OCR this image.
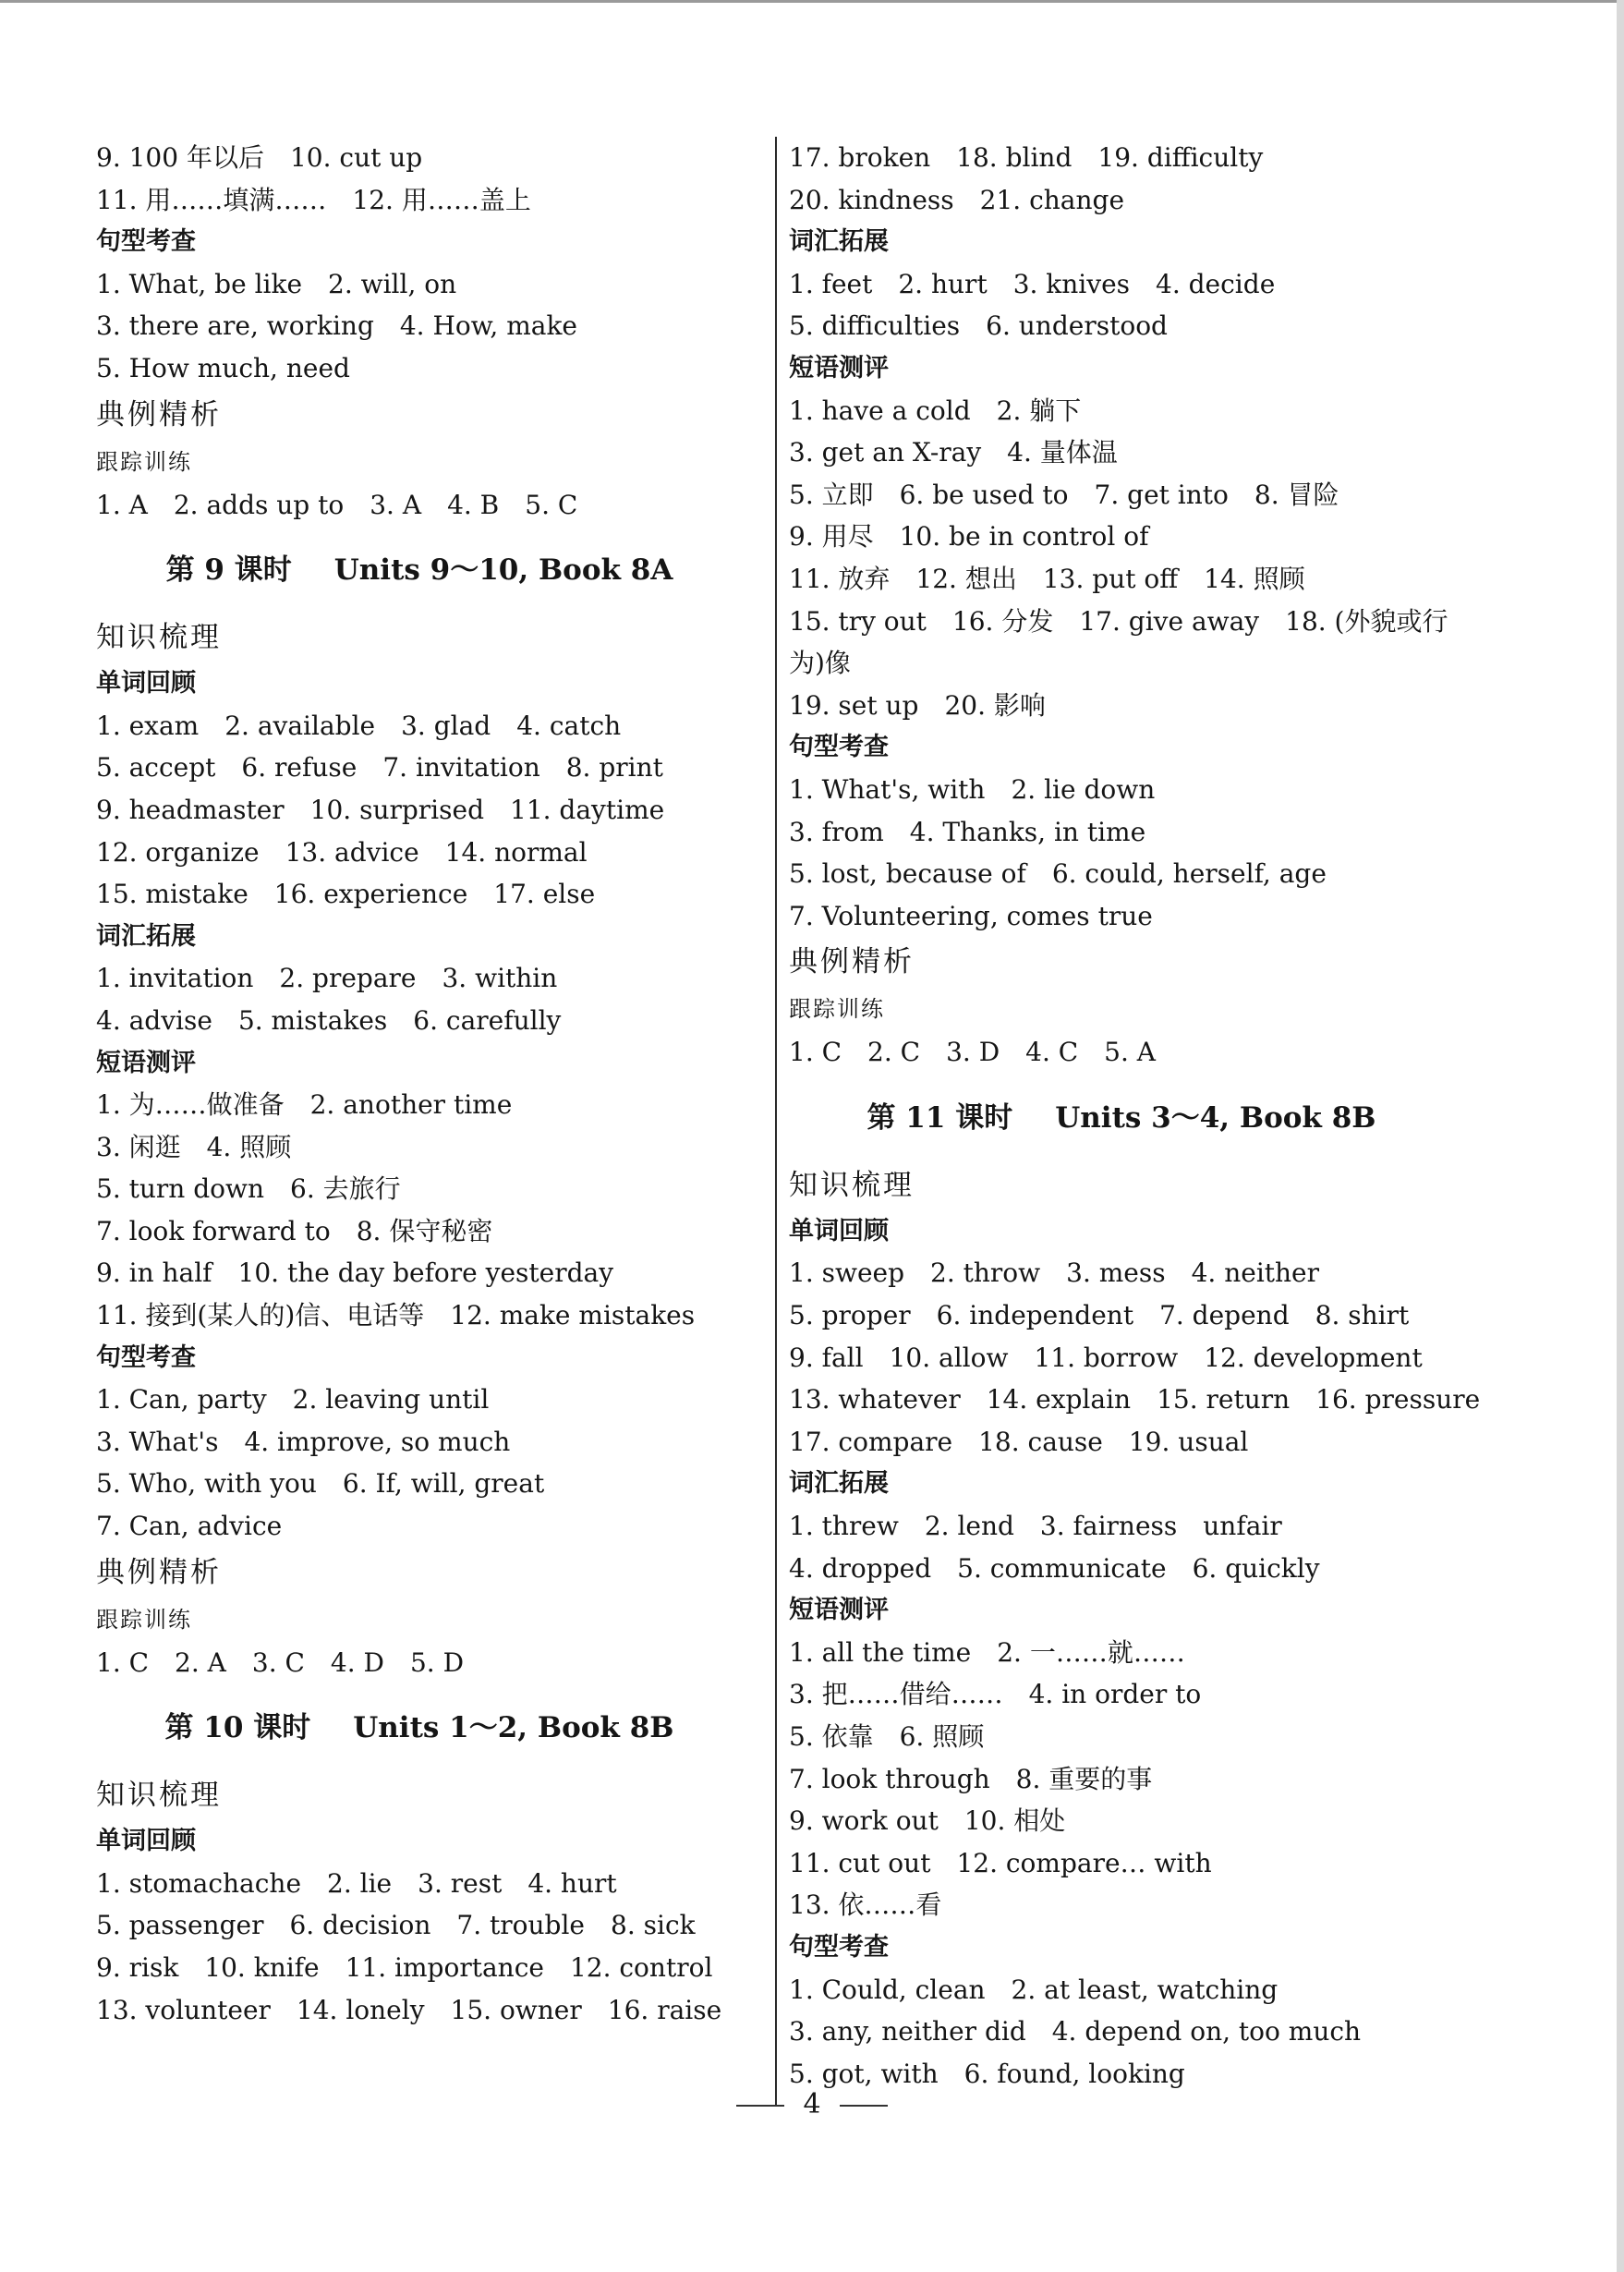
9. 100 年以后　10. cut up
11. 用……填满……　12. 用……盖上
句型考查
1. What, be like　2. will, on
3. there are, working　4. How, make
5. How much, need
典例精析
跟踪训练
1. A　2. adds up to　3. A　4. B　5. C
第 9 课时 Units 9～10, Book 8A
知识梳理
单词回顾
1. exam　2. available　3. glad　4. catch
5. accept　6. refuse　7. invitation　8. print
9. headmaster　10. surprised　11. daytime
12. organize　13. advice　14. normal
15. mistake　16. experience　17. else
词汇拓展
1. invitation　2. prepare　3. within
4. advise　5. mistakes　6. carefully
短语测评
1. 为……做准备　2. another time
3. 闲逛　4. 照顾
5. turn down　6. 去旅行
7. look forward to　8. 保守秘密
9. in half　10. the day before yesterday
11. 接到(某人的)信、电话等　12. make mistakes
句型考查
1. Can, party　2. leaving until
3. What's　4. improve, so much
5. Who, with you　6. If, will, great
7. Can, advice
典例精析
跟踪训练
1. C　2. A　3. C　4. D　5. D
第 10 课时 Units 1～2, Book 8B
知识梳理
单词回顾
1. stomachache　2. lie　3. rest　4. hurt
5. passenger　6. decision　7. trouble　8. sick
9. risk　10. knife　11. importance　12. control
13. volunteer　14. lonely　15. owner　16. raise
17. broken　18. blind　19. difficulty
20. kindness　21. change
词汇拓展
1. feet　2. hurt　3. knives　4. decide
5. difficulties　6. understood
短语测评
1. have a cold　2. 躺下
3. get an X-ray　4. 量体温
5. 立即　6. be used to　7. get into　8. 冒险
9. 用尽　10. be in control of
11. 放弃　12. 想出　13. put off　14. 照顾
15. try out　16. 分发　17. give away　18. (外貌或行
为)像
19. set up　20. 影响
句型考查
1. What's, with　2. lie down
3. from　4. Thanks, in time
5. lost, because of　6. could, herself, age
7. Volunteering, comes true
典例精析
跟踪训练
1. C　2. C　3. D　4. C　5. A
第 11 课时 Units 3～4, Book 8B
知识梳理
单词回顾
1. sweep　2. throw　3. mess　4. neither
5. proper　6. independent　7. depend　8. shirt
9. fall　10. allow　11. borrow　12. development
13. whatever　14. explain　15. return　16. pressure
17. compare　18. cause　19. usual
词汇拓展
1. threw　2. lend　3. fairness　unfair
4. dropped　5. communicate　6. quickly
短语测评
1. all the time　2. 一……就……
3. 把……借给……　4. in order to
5. 依靠　6. 照顾
7. look through　8. 重要的事
9. work out　10. 相处
11. cut out　12. compare… with
13. 依……看
句型考查
1. Could, clean　2. at least, watching
3. any, neither did　4. depend on, too much
5. got, with　6. found, looking
4
